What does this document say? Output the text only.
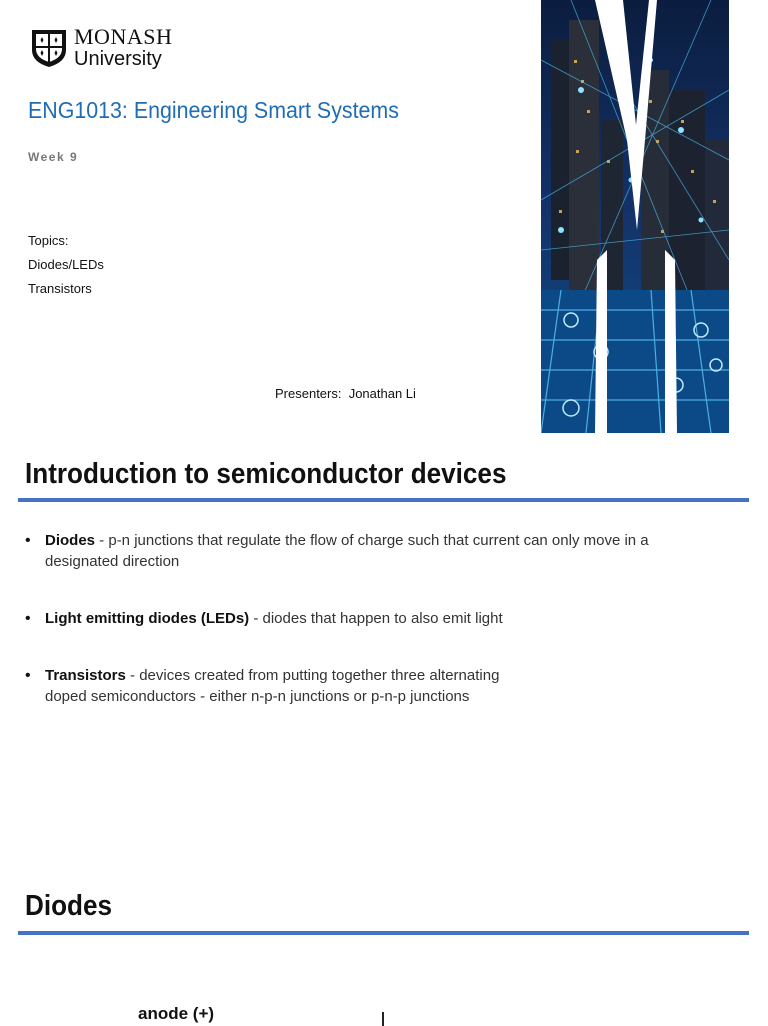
MONASH
University
ENG1013: Engineering Smart Systems
Week 9
Topics:
Diodes/LEDs
Transistors
Presenters:  Jonathan Li
Introduction to semiconductor devices
• Diodes - p-n junctions that regulate the flow of charge such that current can only move in a designated direction
• Light emitting diodes (LEDs) - diodes that happen to also emit light
• Transistors - devices created from putting together three alternating doped semiconductors - either n-p-n junctions or p-n-p junctions
Diodes
anode (+)
